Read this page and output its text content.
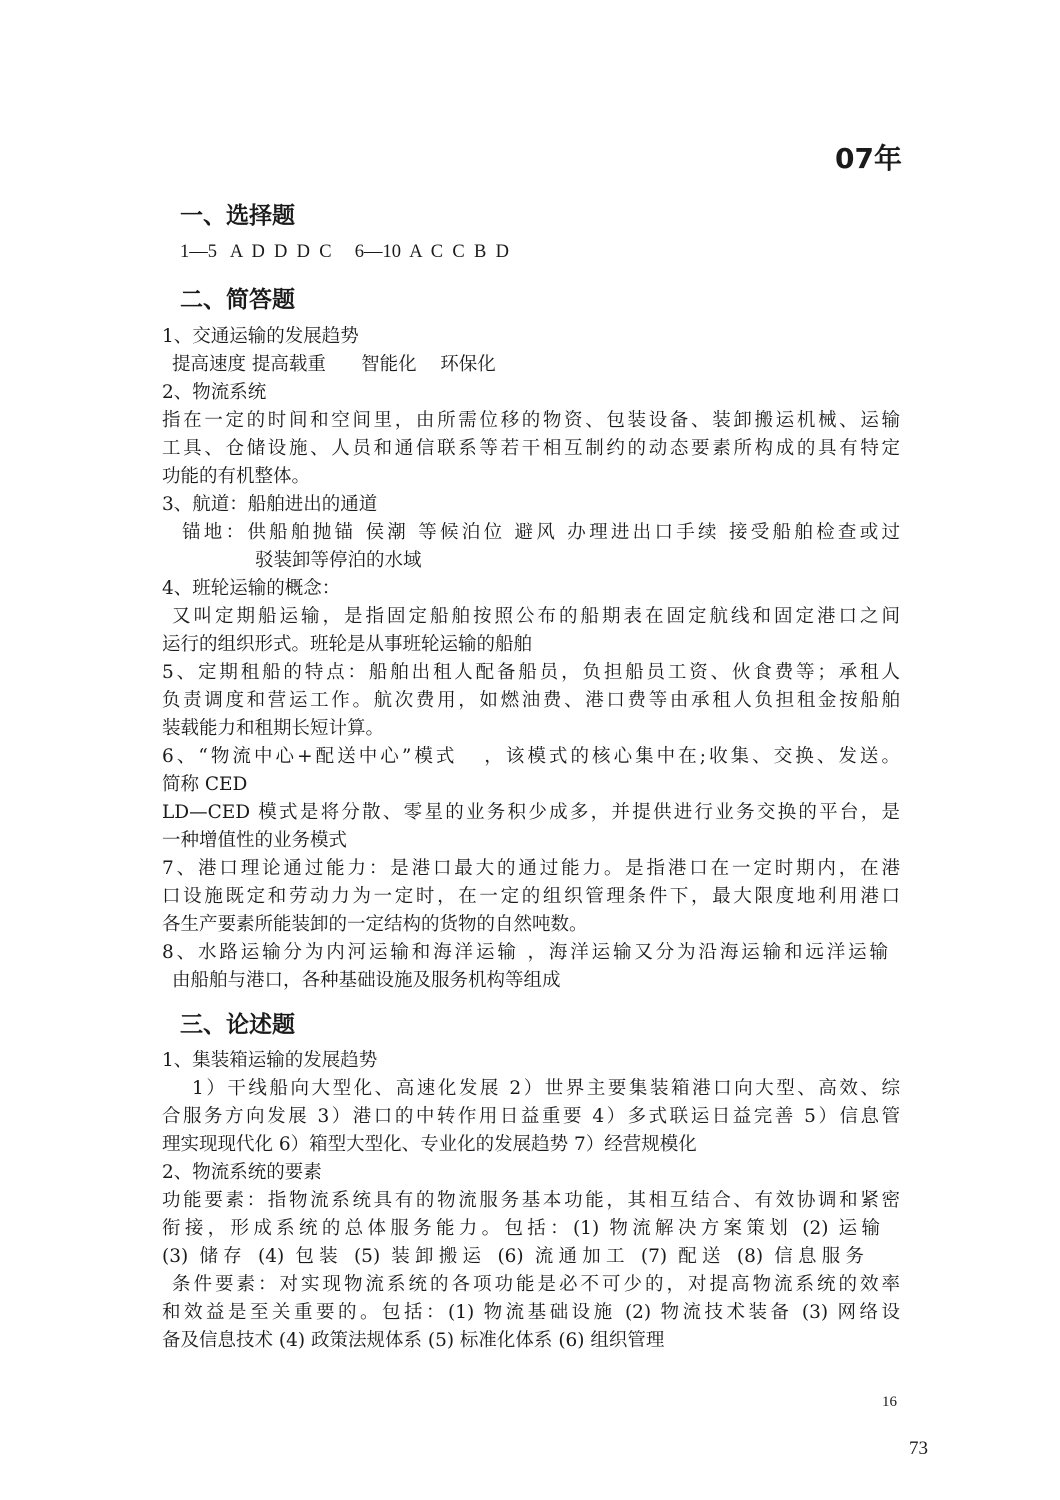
07年
一、选择题
1—5   A  D  D  D  C     6—10  A  C  C  B  D
二、简答题
1、交通运输的发展趋势
提高速度 提高载重      智能化    环保化
2、物流系统
指在一定的时间和空间里，由所需位移的物资、包装设备、装卸搬运机械、运输
工具、仓储设施、人员和通信联系等若干相互制约的动态要素所构成的具有特定
功能的有机整体。
3、航道：船舶进出的通道
锚地：供船舶抛锚 侯潮 等候泊位 避风 办理进出口手续 接受船舶检查或过
驳装卸等停泊的水域
4、班轮运输的概念：
又叫定期船运输，是指固定船舶按照公布的船期表在固定航线和固定港口之间
运行的组织形式。班轮是从事班轮运输的船舶
5、定期租船的特点：船舶出租人配备船员，负担船员工资、伙食费等；承租人
负责调度和营运工作。航次费用，如燃油费、港口费等由承租人负担租金按船舶
装载能力和租期长短计算。
6、“物流中心+配送中心”模式   ，该模式的核心集中在;收集、交换、发送。
简称 CED
LD—CED 模式是将分散、零星的业务积少成多，并提供进行业务交换的平台，是
一种增值性的业务模式
7、港口理论通过能力：是港口最大的通过能力。是指港口在一定时期内，在港
口设施既定和劳动力为一定时，在一定的组织管理条件下，最大限度地利用港口
各生产要素所能装卸的一定结构的货物的自然吨数。
8、水路运输分为内河运输和海洋运输 ，海洋运输又分为沿海运输和远洋运输
由船舶与港口，各种基础设施及服务机构等组成
三、论述题
1、集装箱运输的发展趋势
1）干线船向大型化、高速化发展 2）世界主要集装箱港口向大型、高效、综
合服务方向发展 3）港口的中转作用日益重要 4）多式联运日益完善 5）信息管
理实现现代化 6）箱型大型化、专业化的发展趋势 7）经营规模化
2、物流系统的要素
功能要素：指物流系统具有的物流服务基本功能，其相互结合、有效协调和紧密
衔接，形成系统的总体服务能力。包括：(1) 物流解决方案策划 (2) 运输
(3) 储存 (4) 包装 (5) 装卸搬运 (6) 流通加工 (7) 配送 (8) 信息服务
条件要素：对实现物流系统的各项功能是必不可少的，对提高物流系统的效率
和效益是至关重要的。包括：(1) 物流基础设施 (2) 物流技术装备 (3) 网络设
备及信息技术 (4) 政策法规体系 (5) 标准化体系 (6) 组织管理
16
73
